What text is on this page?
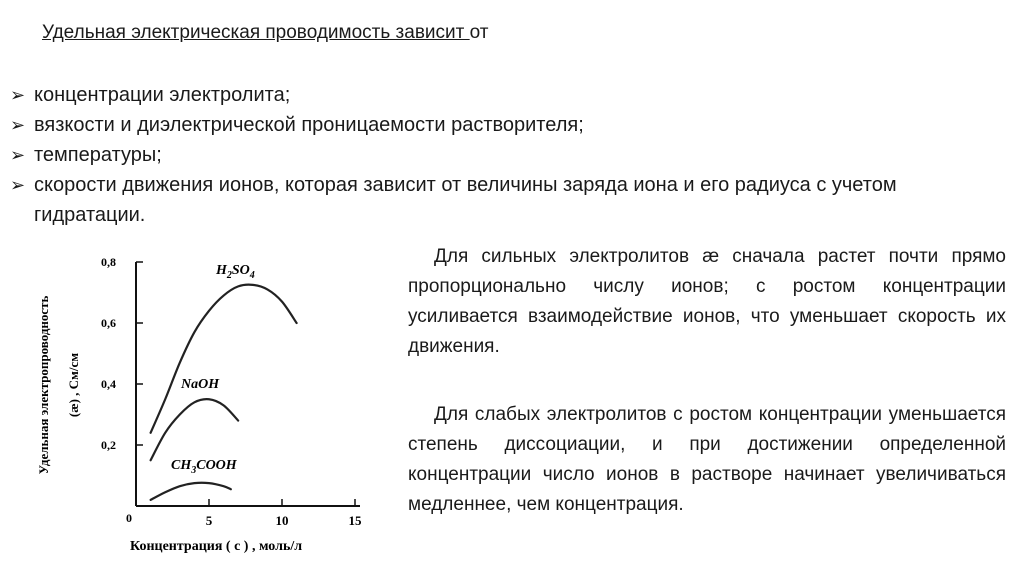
Удельная электрическая проводимость зависит от
➢ концентрации электролита;
➢ вязкости и диэлектрической проницаемости растворителя;
➢ температуры;
➢ скорости движения ионов, которая зависит от величины заряда иона и его радиуса с учетом гидратации.

Для сильных электролитов æ сначала растет почти прямо пропорционально числу ионов; с ростом концентрации усиливается взаимодействие ионов, что уменьшает скорость их движения.

Для слабых электролитов с ростом концентрации уменьшается степень диссоциации, и при достижении определенной концентрации число ионов в растворе начинает увеличиваться медленнее, чем концентрация.

0,2
0,4
0,6
0,8
0	5	10	15
$H_2SO_4$
NaOH
$CH_3COOH$
Удельная электропроводность (æ) , См/см
Концентрация ( с ) , моль/л
